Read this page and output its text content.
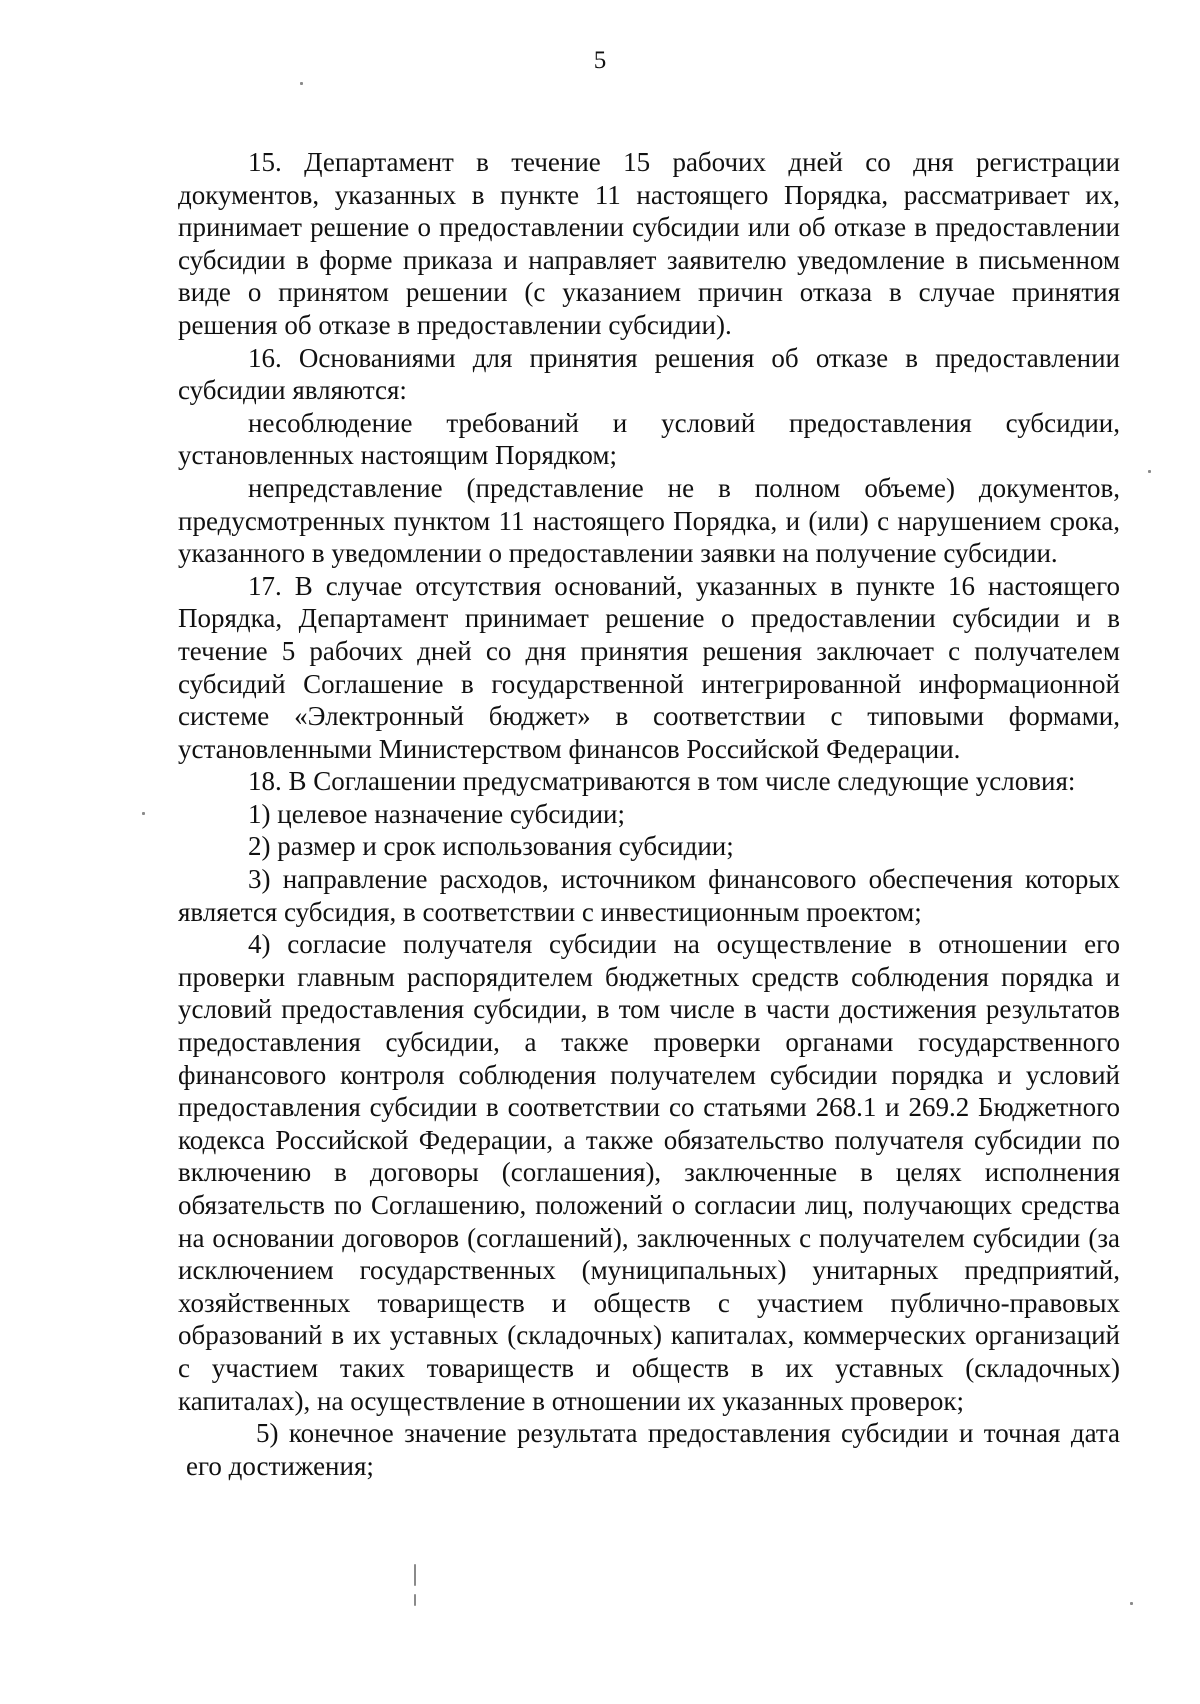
5

15. Департамент в течение 15 рабочих дней со дня регистрации документов, указанных в пункте 11 настоящего Порядка, рассматривает их, принимает решение о предоставлении субсидии или об отказе в предоставлении субсидии в форме приказа и направляет заявителю уведомление в письменном виде о принятом решении (с указанием причин отказа в случае принятия решения об отказе в предоставлении субсидии).

16. Основаниями для принятия решения об отказе в предоставлении субсидии являются:

несоблюдение требований и условий предоставления субсидии, установленных настоящим Порядком;

непредставление (представление не в полном объеме) документов, предусмотренных пунктом 11 настоящего Порядка, и (или) с нарушением срока, указанного в уведомлении о предоставлении заявки на получение субсидии.

17. В случае отсутствия оснований, указанных в пункте 16 настоящего Порядка, Департамент принимает решение о предоставлении субсидии и в течение 5 рабочих дней со дня принятия решения заключает с получателем субсидий Соглашение в государственной интегрированной информационной системе «Электронный бюджет» в соответствии с типовыми формами, установленными Министерством финансов Российской Федерации.

18. В Соглашении предусматриваются в том числе следующие условия:

1) целевое назначение субсидии;

2) размер и срок использования субсидии;

3) направление расходов, источником финансового обеспечения которых является субсидия, в соответствии с инвестиционным проектом;

4) согласие получателя субсидии на осуществление в отношении его проверки главным распорядителем бюджетных средств соблюдения порядка и условий предоставления субсидии, в том числе в части достижения результатов предоставления субсидии, а также проверки органами государственного финансового контроля соблюдения получателем субсидии порядка и условий предоставления субсидии в соответствии со статьями 268.1 и 269.2 Бюджетного кодекса Российской Федерации, а также обязательство получателя субсидии по включению в договоры (соглашения), заключенные в целях исполнения обязательств по Соглашению, положений о согласии лиц, получающих средства на основании договоров (соглашений), заключенных с получателем субсидии (за исключением государственных (муниципальных) унитарных предприятий, хозяйственных товариществ и обществ с участием публично-правовых образований в их уставных (складочных) капиталах, коммерческих организаций с участием таких товариществ и обществ в их уставных (складочных) капиталах), на осуществление в отношении их указанных проверок;

5) конечное значение результата предоставления субсидии и точная дата его достижения;
